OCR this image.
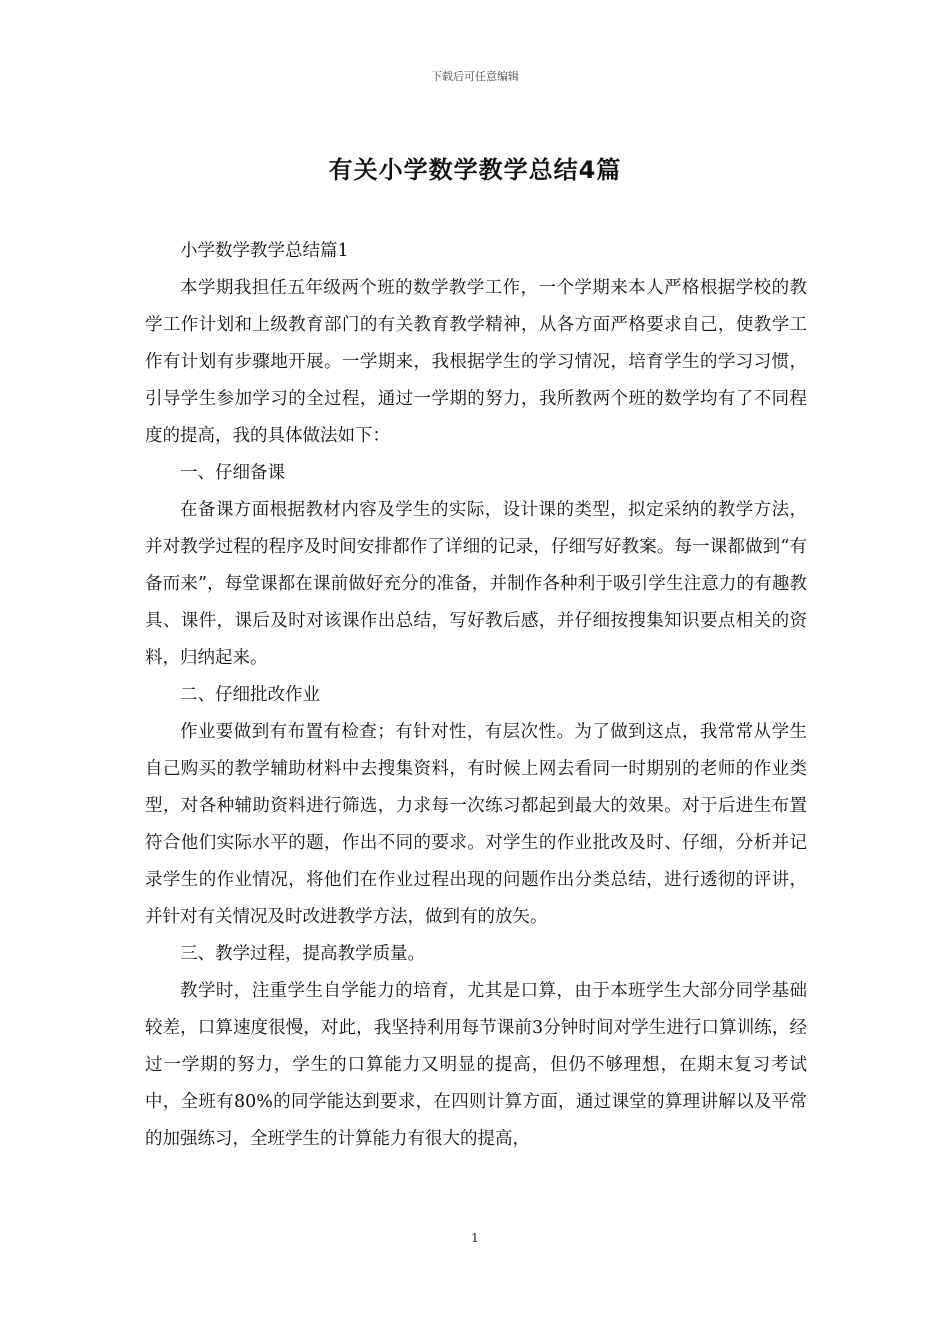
下载后可任意编辑
有关小学数学教学总结4篇

小学数学教学总结篇1

本学期我担任五年级两个班的数学教学工作，一个学期来本人严格根据学校的教学工作计划和上级教育部门的有关教育教学精神，从各方面严格要求自己，使教学工作有计划有步骤地开展。一学期来，我根据学生的学习情况，培育学生的学习习惯，引导学生参加学习的全过程，通过一学期的努力，我所教两个班的数学均有了不同程度的提高，我的具体做法如下：

一、仔细备课

在备课方面根据教材内容及学生的实际，设计课的类型，拟定采纳的教学方法，并对教学过程的程序及时间安排都作了详细的记录，仔细写好教案。每一课都做到“有备而来”，每堂课都在课前做好充分的准备，并制作各种利于吸引学生注意力的有趣教具、课件，课后及时对该课作出总结，写好教后感，并仔细按搜集知识要点相关的资料，归纳起来。

二、仔细批改作业

作业要做到有布置有检查；有针对性，有层次性。为了做到这点，我常常从学生自己购买的教学辅助材料中去搜集资料，有时候上网去看同一时期别的老师的作业类型，对各种辅助资料进行筛选，力求每一次练习都起到最大的效果。对于后进生布置符合他们实际水平的题，作出不同的要求。对学生的作业批改及时、仔细，分析并记录学生的作业情况，将他们在作业过程出现的问题作出分类总结，进行透彻的评讲，并针对有关情况及时改进教学方法，做到有的放矢。

三、教学过程，提高教学质量。

教学时，注重学生自学能力的培育，尤其是口算，由于本班学生大部分同学基础较差，口算速度很慢，对此，我坚持利用每节课前3分钟时间对学生进行口算训练，经过一学期的努力，学生的口算能力又明显的提高，但仍不够理想，在期末复习考试中，全班有80%的同学能达到要求，在四则计算方面，通过课堂的算理讲解以及平常的加强练习，全班学生的计算能力有很大的提高，

1
